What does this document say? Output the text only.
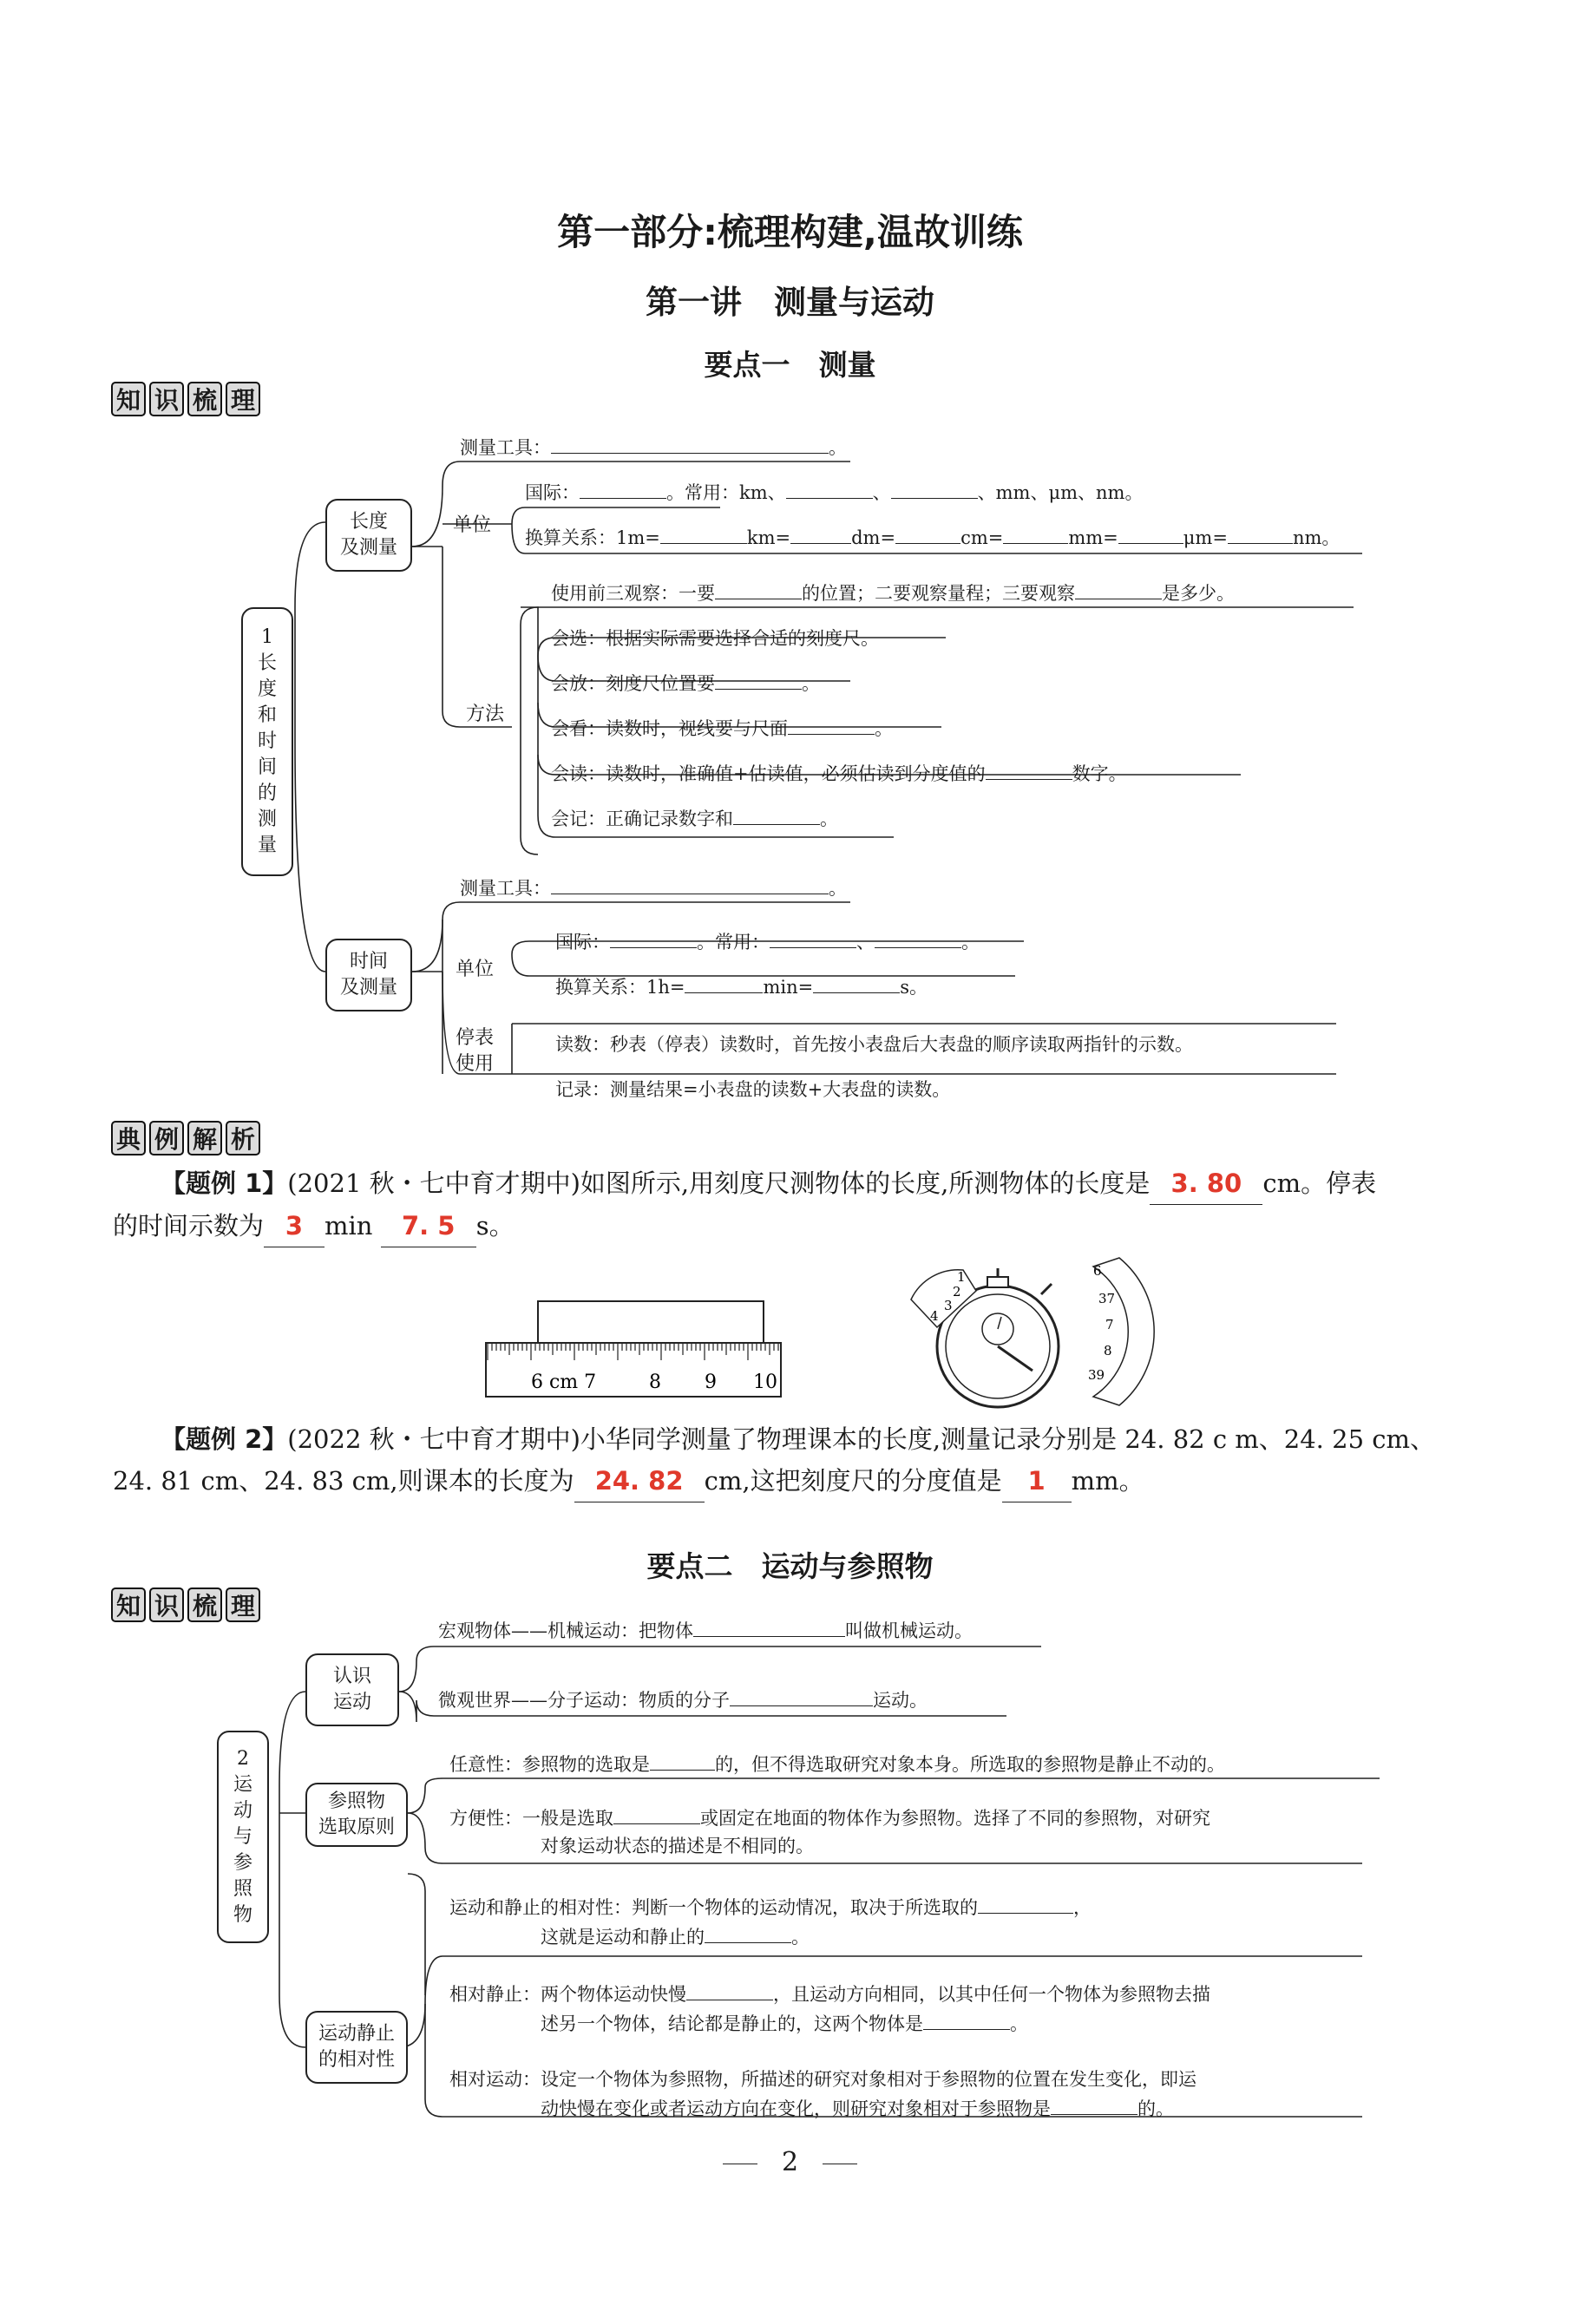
第一部分:梳理构建,温故训练
第一讲　测量与运动
要点一　测量
知 识 梳 理
1
长
度
和
时
间
的
测
量
长度
及测量
时间
及测量
测量工具：	。
单位
国际：	。常用：km、	、	、mm、μm、nm。
换算关系：1m=	km=	dm=	cm=	mm=	μm=	nm。
方法
使用前三观察：一要	的位置；二要观察量程；三要观察	是多少。
会选：根据实际需要选择合适的刻度尺。
会放：刻度尺位置要	。
会看：读数时，视线要与尺面	。
会读：读数时，准确值+估读值，必须估读到分度值的	数字。
会记：正确记录数字和	。
测量工具：	。
单位
国际：	。常用：	、	。
换算关系：1h=	min=	s。
停表
使用
读数：秒表（停表）读数时，首先按小表盘后大表盘的顺序读取两指针的示数。
记录：测量结果=小表盘的读数+大表盘的读数。
典 例 解 析
【题例 1】(2021 秋・七中育才期中)如图所示,用刻度尺测物体的长度,所测物体的长度是 3. 80 cm。停表
的时间示数为 3 min 7. 5 s。
6 cm 7	8 9 10
1
2
3
4
6
37
7
8
39
【题例 2】(2022 秋・七中育才期中)小华同学测量了物理课本的长度,测量记录分别是 24. 82 c m、24. 25 cm、
24. 81 cm、24. 83 cm,则课本的长度为 24. 82 cm,这把刻度尺的分度值是 1 mm。
要点二　运动与参照物
知 识 梳 理
2
运
动
与
参
照
物
认识
运动
参照物
选取原则
运动静止
的相对性
宏观物体——机械运动：把物体	叫做机械运动。
微观世界——分子运动：物质的分子	运动。
任意性：参照物的选取是	的，但不得选取研究对象本身。所选取的参照物是静止不动的。
方便性：一般是选取	或固定在地面的物体作为参照物。选择了不同的参照物，对研究
对象运动状态的描述是不相同的。
运动和静止的相对性：判断一个物体的运动情况，取决于所选取的	，
这就是运动和静止的	。
相对静止：两个物体运动快慢	，且运动方向相同，以其中任何一个物体为参照物去描
述另一个物体，结论都是静止的，这两个物体是	。
相对运动：设定一个物体为参照物，所描述的研究对象相对于参照物的位置在发生变化，即运
动快慢在变化或者运动方向在变化，则研究对象相对于参照物是	的。
2
